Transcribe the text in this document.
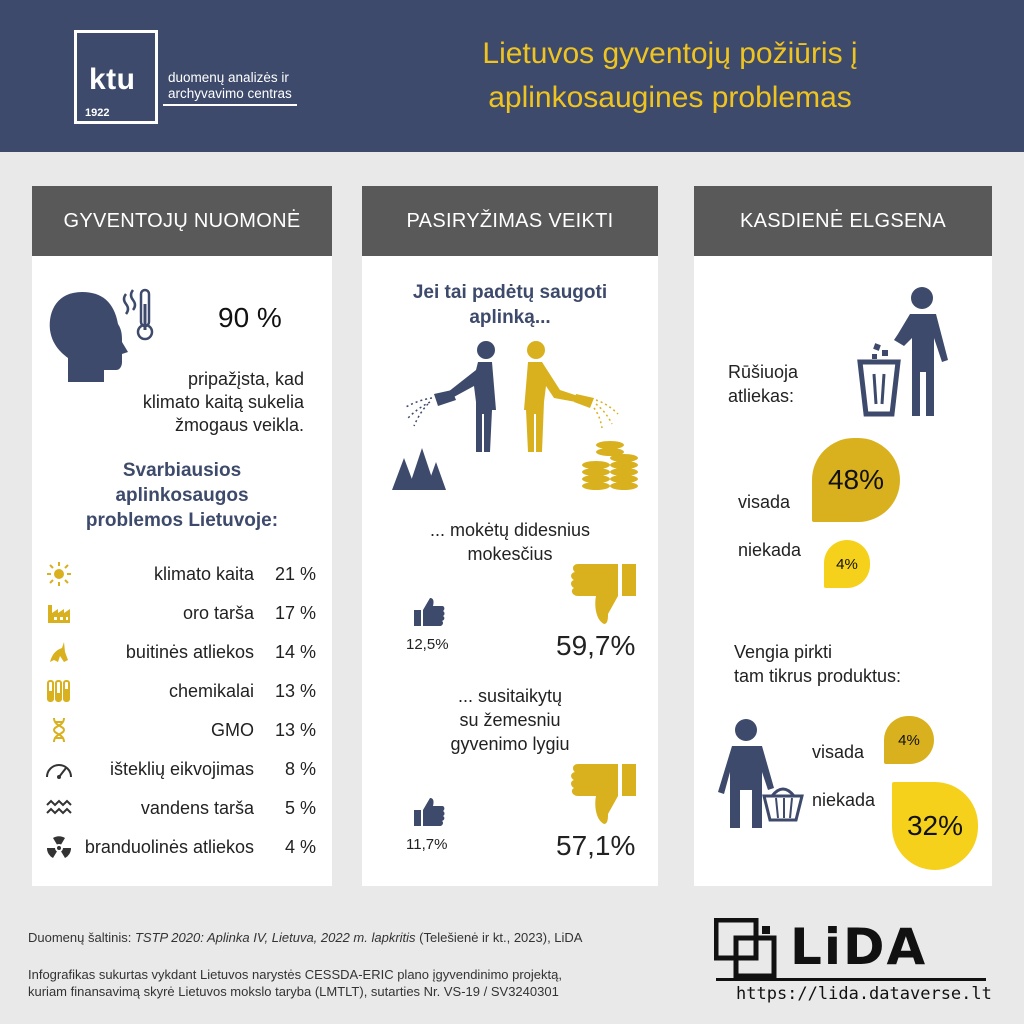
ktu
1922
duomenų analizės ir
archyvavimo centras
Lietuvos gyventojų požiūris į
aplinkosaugines problemas
GYVENTOJŲ NUOMONĖ	PASIRYŽIMAS VEIKTI	KASDIENĖ ELGSENA
90 %
pripažįsta, kad
klimato kaitą sukelia
žmogaus veikla.
Svarbiausios
aplinkosaugos
problemos Lietuvoje:
klimato kaita 21 %
oro tarša 17 %
buitinės atliekos 14 %
chemikalai 13 %
GMO 13 %
išteklių eikvojimas 8 %
vandens tarša 5 %
branduolinės atliekos 4 %
Jei tai padėtų saugoti
aplinką...
... mokėtų didesnius
mokesčius
12,5%	59,7%
... susitaikytų
su žemesniu
gyvenimo lygiu
11,7%	57,1%
Rūšiuoja
atliekas:
48%
visada
4%
niekada
Vengia pirkti
tam tikrus produktus:
4%
visada
32%
niekada
Duomenų šaltinis: TSTP 2020: Aplinka IV, Lietuva, 2022 m. lapkritis (Telešienė ir kt., 2023), LiDA
Infografikas sukurtas vykdant Lietuvos narystės CESSDA-ERIC plano įgyvendinimo projektą,
kuriam finansavimą skyrė Lietuvos mokslo taryba (LMTLT), sutarties Nr. VS-19 / SV3240301
LiDA
https://lida.dataverse.lt
